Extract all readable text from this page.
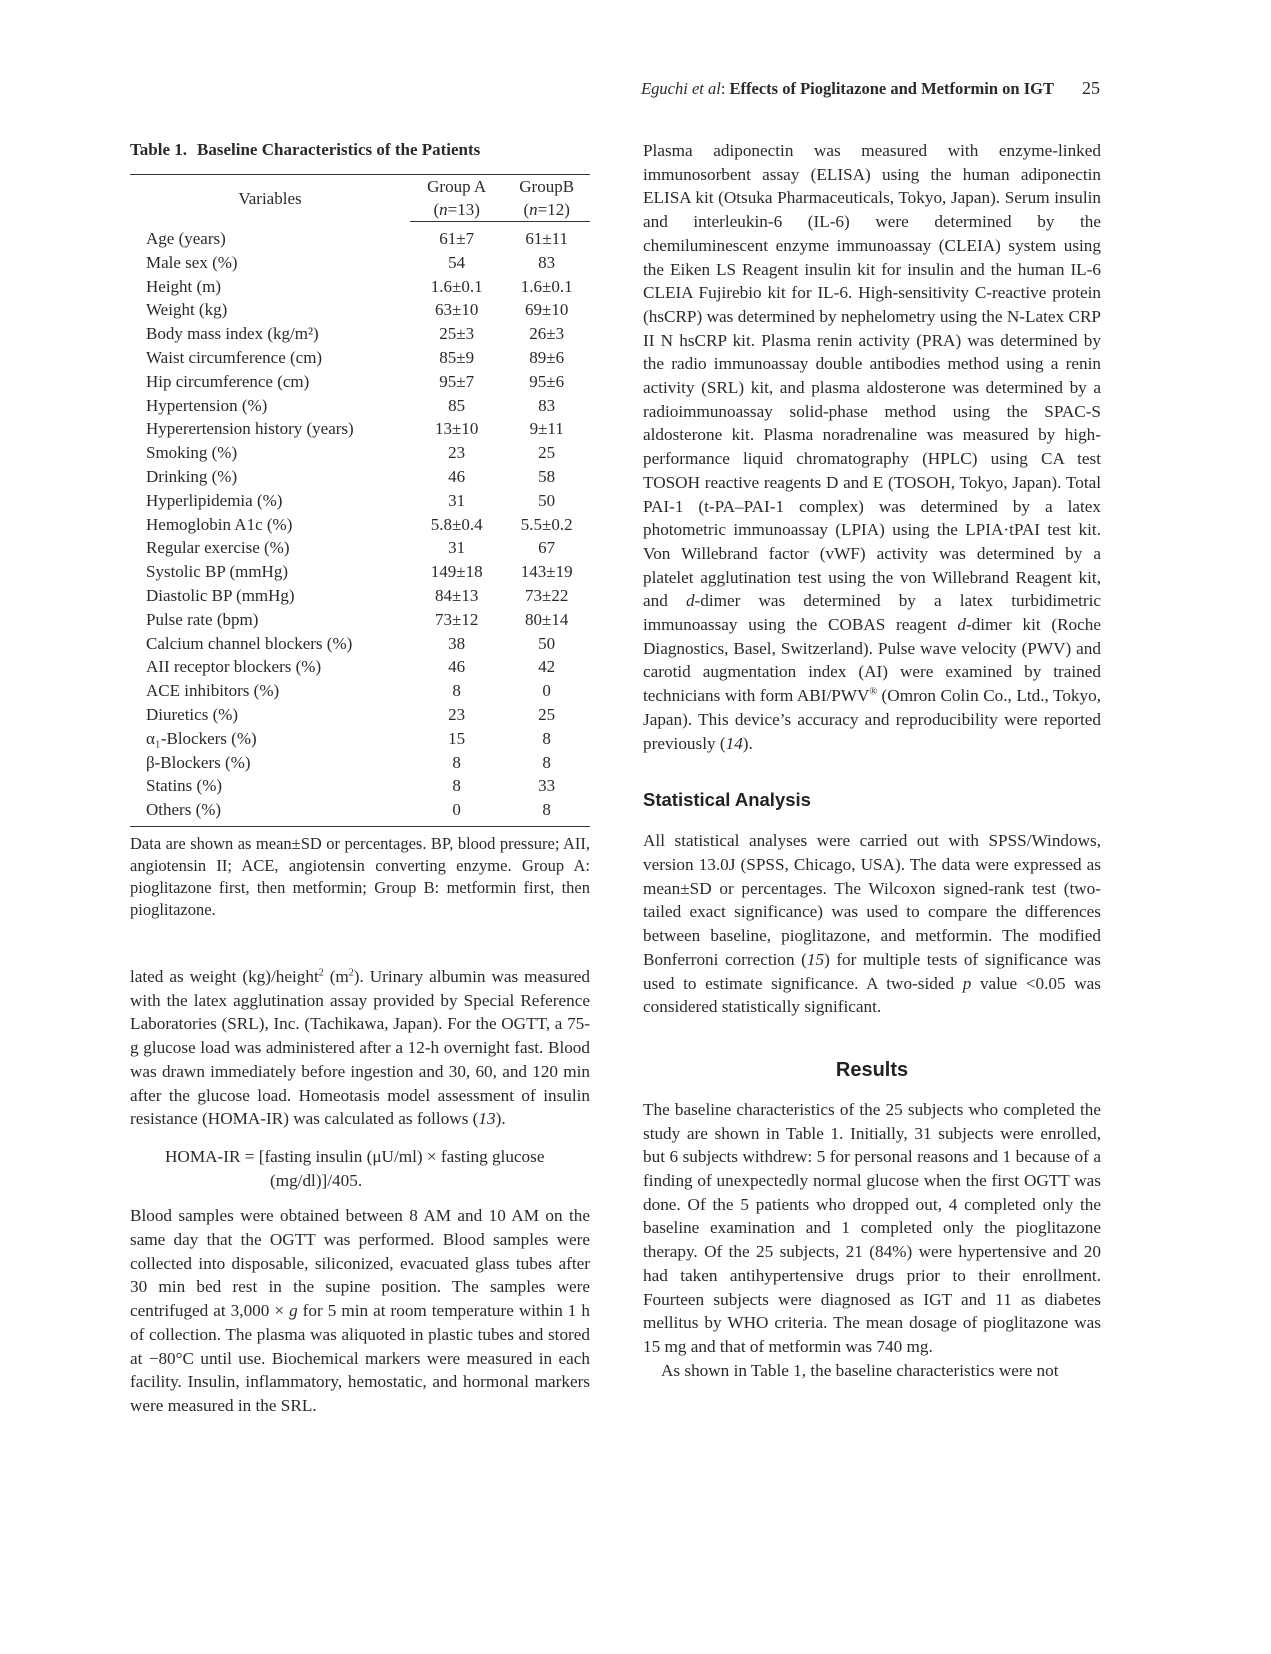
Eguchi et al: Effects of Pioglitazone and Metformin on IGT 25
Table 1. Baseline Characteristics of the Patients
Variables	Group A	GroupB
	(n=13)	(n=12)
Age (years)	61±7	61±11
Male sex (%)	54	83
Height (m)	1.6±0.1	1.6±0.1
Weight (kg)	63±10	69±10
Body mass index (kg/m²)	25±3	26±3
Waist circumference (cm)	85±9	89±6
Hip circumference (cm)	95±7	95±6
Hypertension (%)	85	83
Hyperertension history (years)	13±10	9±11
Smoking (%)	23	25
Drinking (%)	46	58
Hyperlipidemia (%)	31	50
Hemoglobin A1c (%)	5.8±0.4	5.5±0.2
Regular exercise (%)	31	67
Systolic BP (mmHg)	149±18	143±19
Diastolic BP (mmHg)	84±13	73±22
Pulse rate (bpm)	73±12	80±14
Calcium channel blockers (%)	38	50
AII receptor blockers (%)	46	42
ACE inhibitors (%)	8	0
Diuretics (%)	23	25
α₁-Blockers (%)	15	8
β-Blockers (%)	8	8
Statins (%)	8	33
Others (%)	0	8

Data are shown as mean±SD or percentages. BP, blood pressure; AII, angiotensin II; ACE, angiotensin converting enzyme. Group A: pioglitazone first, then metformin; Group B: metformin first, then pioglitazone.

lated as weight (kg)/height$^2$ $(m^2)$. Urinary albumin was measured with the latex agglutination assay provided by Special Reference Laboratories (SRL), Inc. (Tachikawa, Japan). For the OGTT, a 75-g glucose load was administered after a 12-h overnight fast. Blood was drawn immediately before ingestion and 30, 60, and 120 min after the glucose load. Homeotasis model assessment of insulin resistance (HOMA-IR) was calculated as follows (13).

HOMA-IR = [fasting insulin (μU/ml) × fasting glucose
(mg/dl)]/405.

Blood samples were obtained between 8 AM and 10 AM on the same day that the OGTT was performed. Blood samples were collected into disposable, siliconized, evacuated glass tubes after 30 min bed rest in the supine position. The samples were centrifuged at 3,000 × g for 5 min at room temperature within 1 h of collection. The plasma was aliquoted in plastic tubes and stored at −80°C until use. Biochemical markers were measured in each facility. Insulin, inflammatory, hemostatic, and hormonal markers were measured in the SRL.

Plasma adiponectin was measured with enzyme-linked immunosorbent assay (ELISA) using the human adiponectin ELISA kit (Otsuka Pharmaceuticals, Tokyo, Japan). Serum insulin and interleukin-6 (IL-6) were determined by the chemiluminescent enzyme immunoassay (CLEIA) system using the Eiken LS Reagent insulin kit for insulin and the human IL-6 CLEIA Fujirebio kit for IL-6. High-sensitivity C-reactive protein (hsCRP) was determined by nephelometry using the N-Latex CRP II N hsCRP kit. Plasma renin activity (PRA) was determined by the radio immunoassay double antibodies method using a renin activity (SRL) kit, and plasma aldosterone was determined by a radioimmunoassay solid-phase method using the SPAC-S aldosterone kit. Plasma noradrenaline was measured by high-performance liquid chromatography (HPLC) using CA test TOSOH reactive reagents D and E (TOSOH, Tokyo, Japan). Total PAI-1 (t-PA–PAI-1 complex) was determined by a latex photometric immunoassay (LPIA) using the LPIA·tPAI test kit. Von Willebrand factor (vWF) activity was determined by a platelet agglutination test using the von Willebrand Reagent kit, and d-dimer was determined by a latex turbidimetric immunoassay using the COBAS reagent d-dimer kit (Roche Diagnostics, Basel, Switzerland). Pulse wave velocity (PWV) and carotid augmentation index (AI) were examined by trained technicians with form ABI/PWV® (Omron Colin Co., Ltd., Tokyo, Japan). This device’s accuracy and reproducibility were reported previously (14).

Statistical Analysis

All statistical analyses were carried out with SPSS/Windows, version 13.0J (SPSS, Chicago, USA). The data were expressed as mean±SD or percentages. The Wilcoxon signed-rank test (two-tailed exact significance) was used to compare the differences between baseline, pioglitazone, and metformin. The modified Bonferroni correction (15) for multiple tests of significance was used to estimate significance. A two-sided p value <0.05 was considered statistically significant.

Results

The baseline characteristics of the 25 subjects who completed the study are shown in Table 1. Initially, 31 subjects were enrolled, but 6 subjects withdrew: 5 for personal reasons and 1 because of a finding of unexpectedly normal glucose when the first OGTT was done. Of the 5 patients who dropped out, 4 completed only the baseline examination and 1 completed only the pioglitazone therapy. Of the 25 subjects, 21 (84%) were hypertensive and 20 had taken antihypertensive drugs prior to their enrollment. Fourteen subjects were diagnosed as IGT and 11 as diabetes mellitus by WHO criteria. The mean dosage of pioglitazone was 15 mg and that of metformin was 740 mg.

As shown in Table 1, the baseline characteristics were not
